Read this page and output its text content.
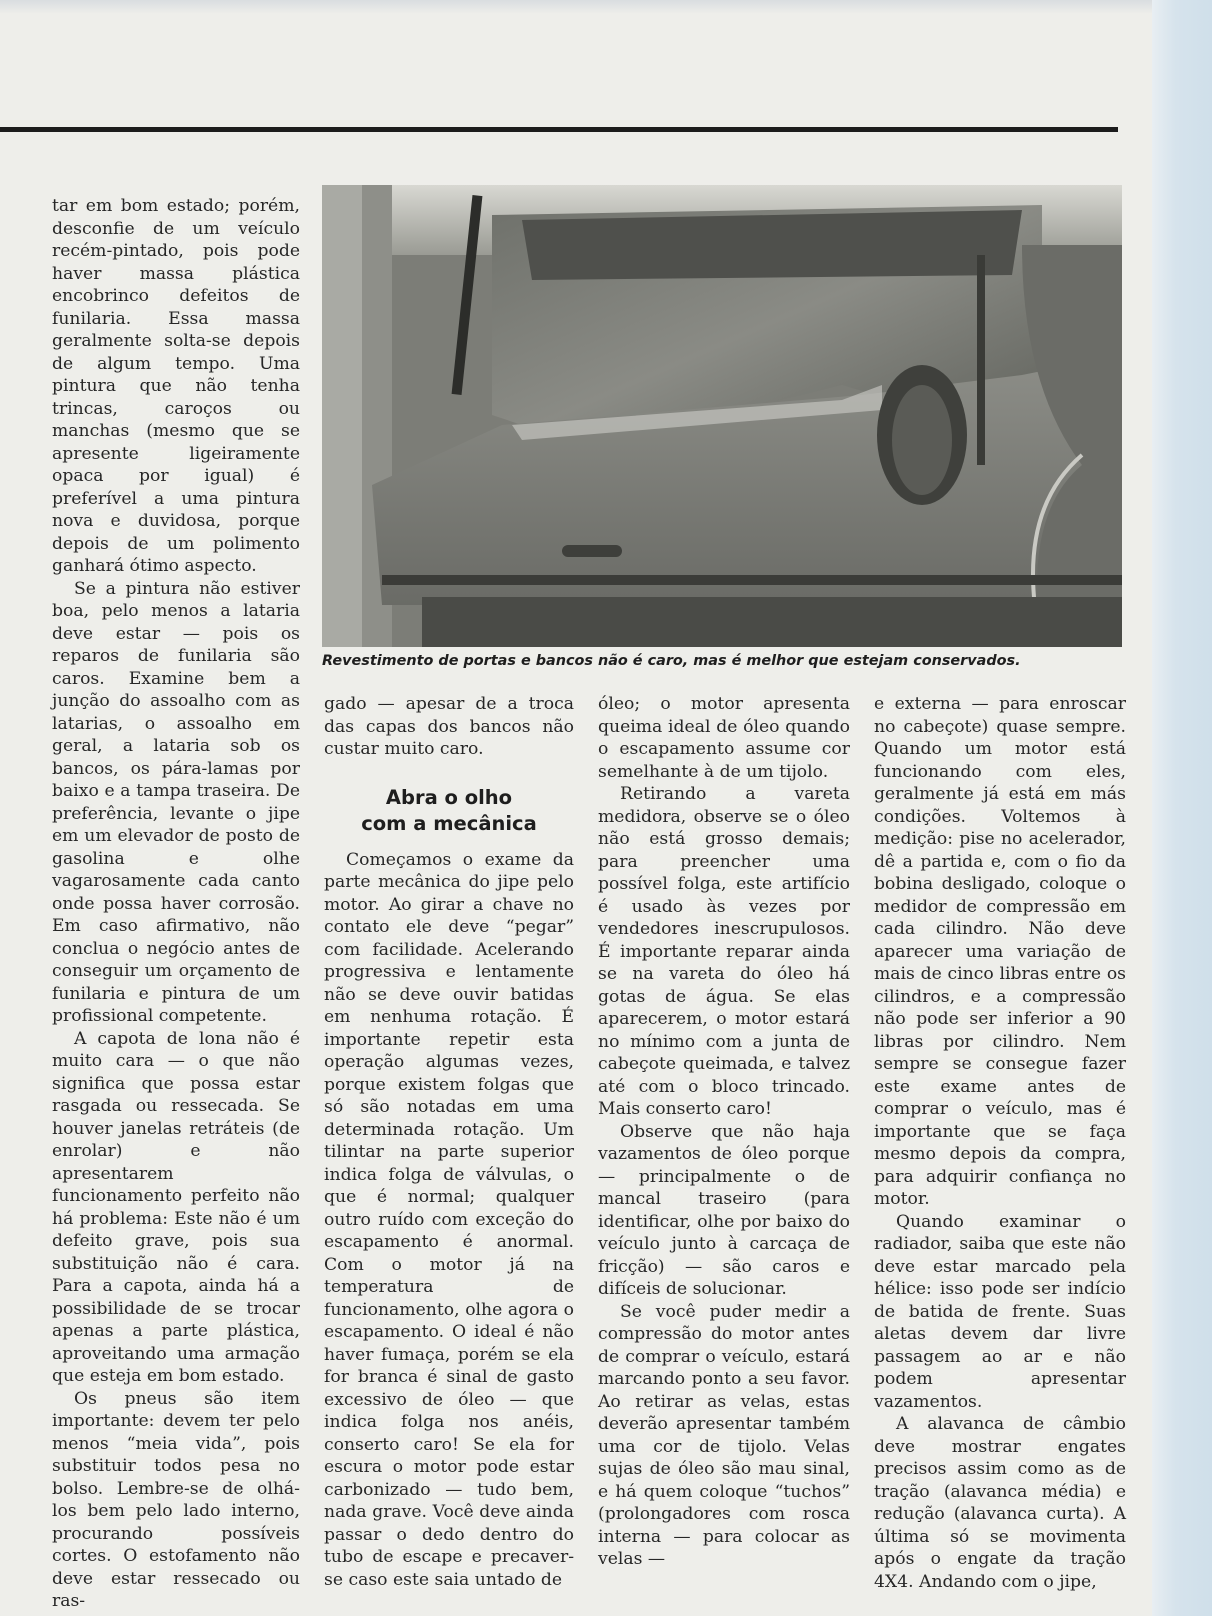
Revestimento de portas e bancos não é caro, mas é melhor que estejam conservados.

tar em bom estado; porém, desconfie de um veículo recém-pintado, pois pode haver massa plástica encobrinco defeitos de funilaria. Essa massa geralmente solta-se depois de algum tempo. Uma pintura que não tenha trincas, caroços ou manchas (mesmo que se apresente ligeiramente opaca por igual) é preferível a uma pintura nova e duvidosa, porque depois de um polimento ganhará ótimo aspecto.

Se a pintura não estiver boa, pelo menos a lataria deve estar — pois os reparos de funilaria são caros. Examine bem a junção do assoalho com as latarias, o assoalho em geral, a lataria sob os bancos, os pára-lamas por baixo e a tampa traseira. De preferência, levante o jipe em um elevador de posto de gasolina e olhe vagarosamente cada canto onde possa haver corrosão. Em caso afirmativo, não conclua o negócio antes de conseguir um orçamento de funilaria e pintura de um profissional competente.

A capota de lona não é muito cara — o que não significa que possa estar rasgada ou ressecada. Se houver janelas retráteis (de enrolar) e não apresentarem funcionamento perfeito não há problema: Este não é um defeito grave, pois sua substituição não é cara. Para a capota, ainda há a possibilidade de se trocar apenas a parte plástica, aproveitando uma armação que esteja em bom estado.

Os pneus são item importante: devem ter pelo menos “meia vida”, pois substituir todos pesa no bolso. Lembre-se de olhá-los bem pelo lado interno, procurando possíveis cortes. O estofamento não deve estar ressecado ou ras-

gado — apesar de a troca das capas dos bancos não custar muito caro.

Abra o olho
com a mecânica

Começamos o exame da parte mecânica do jipe pelo motor. Ao girar a chave no contato ele deve “pegar” com facilidade. Acelerando progressiva e lentamente não se deve ouvir batidas em nenhuma rotação. É importante repetir esta operação algumas vezes, porque existem folgas que só são notadas em uma determinada rotação. Um tilintar na parte superior indica folga de válvulas, o que é normal; qualquer outro ruído com exceção do escapamento é anormal. Com o motor já na temperatura de funcionamento, olhe agora o escapamento. O ideal é não haver fumaça, porém se ela for branca é sinal de gasto excessivo de óleo — que indica folga nos anéis, conserto caro! Se ela for escura o motor pode estar carbonizado — tudo bem, nada grave. Você deve ainda passar o dedo dentro do tubo de escape e precaver-se caso este saia untado de

óleo; o motor apresenta queima ideal de óleo quando o escapamento assume cor semelhante à de um tijolo.

Retirando a vareta medidora, observe se o óleo não está grosso demais; para preencher uma possível folga, este artifício é usado às vezes por vendedores inescrupulosos. É importante reparar ainda se na vareta do óleo há gotas de água. Se elas aparecerem, o motor estará no mínimo com a junta de cabeçote queimada, e talvez até com o bloco trincado. Mais conserto caro!

Observe que não haja vazamentos de óleo porque — principalmente o de mancal traseiro (para identificar, olhe por baixo do veículo junto à carcaça de fricção) — são caros e difíceis de solucionar.

Se você puder medir a compressão do motor antes de comprar o veículo, estará marcando ponto a seu favor. Ao retirar as velas, estas deverão apresentar também uma cor de tijolo. Velas sujas de óleo são mau sinal, e há quem coloque “tuchos” (prolongadores com rosca interna — para colocar as velas —

e externa — para enroscar no cabeçote) quase sempre. Quando um motor está funcionando com eles, geralmente já está em más condições. Voltemos à medição: pise no acelerador, dê a partida e, com o fio da bobina desligado, coloque o medidor de compressão em cada cilindro. Não deve aparecer uma variação de mais de cinco libras entre os cilindros, e a compressão não pode ser inferior a 90 libras por cilindro. Nem sempre se consegue fazer este exame antes de comprar o veículo, mas é importante que se faça mesmo depois da compra, para adquirir confiança no motor.

Quando examinar o radiador, saiba que este não deve estar marcado pela hélice: isso pode ser indício de batida de frente. Suas aletas devem dar livre passagem ao ar e não podem apresentar vazamentos.

A alavanca de câmbio deve mostrar engates precisos assim como as de tração (alavanca média) e redução (alavanca curta). A última só se movimenta após o engate da tração 4X4. Andando com o jipe,
